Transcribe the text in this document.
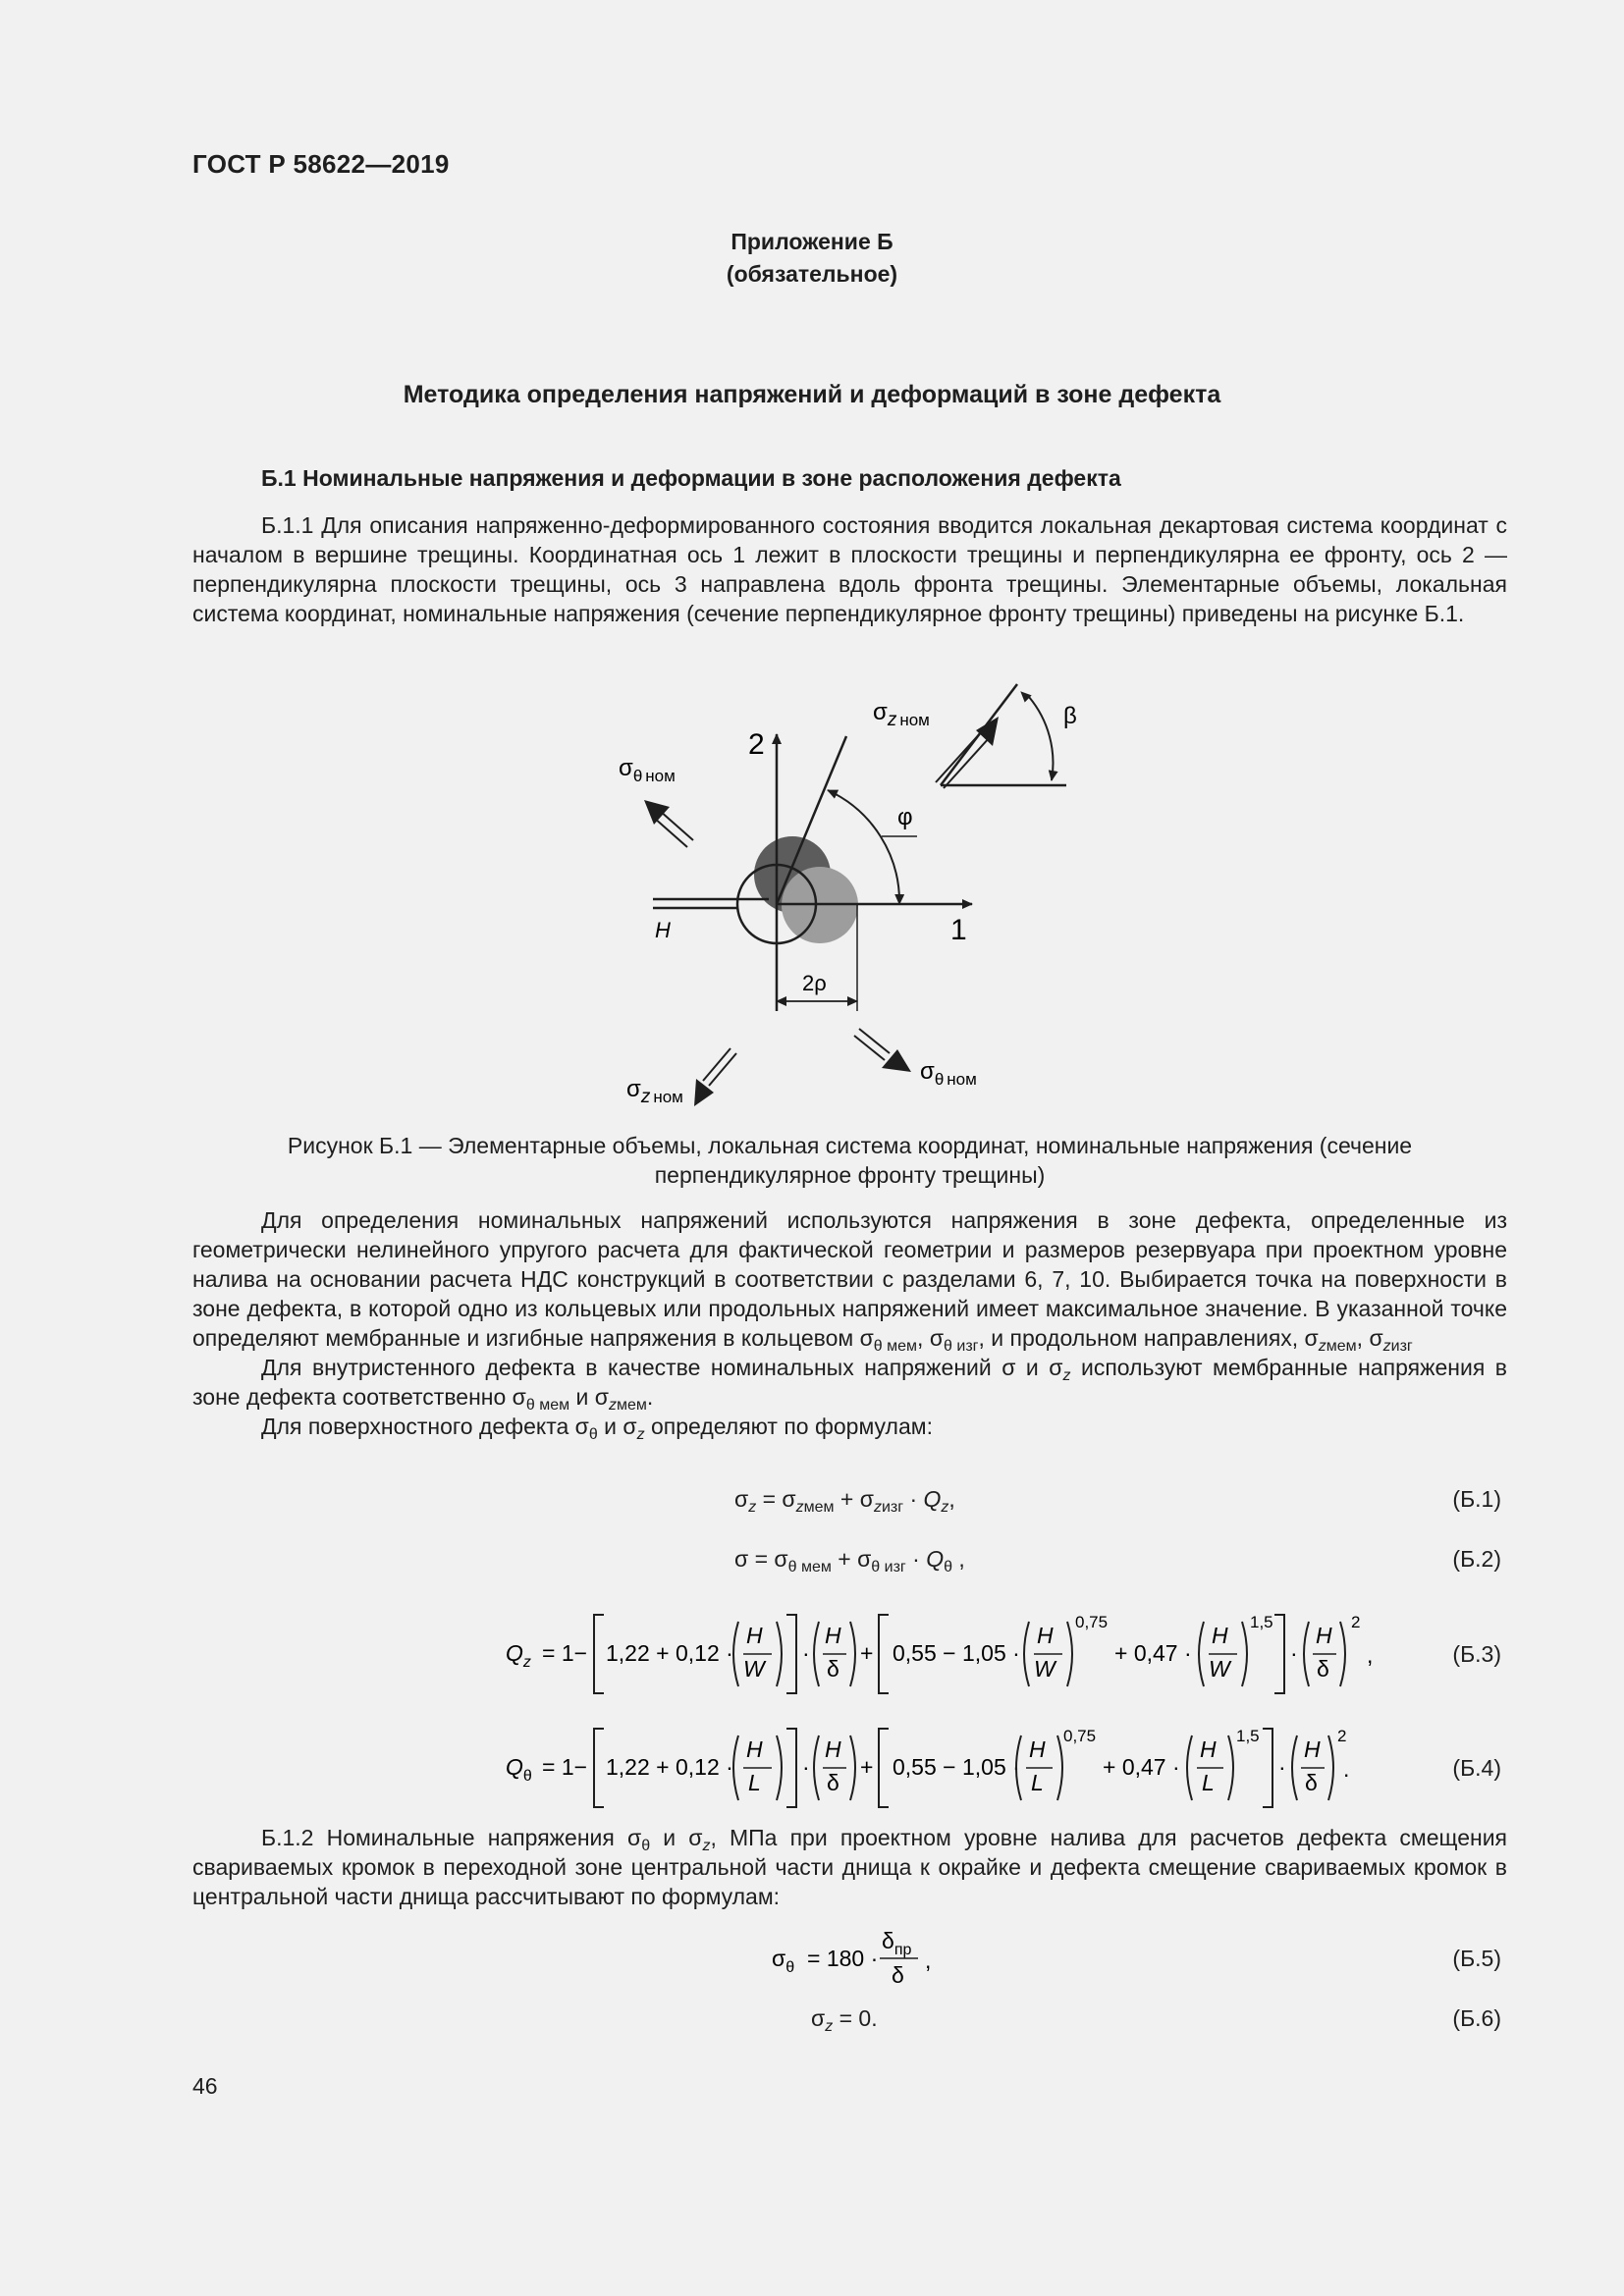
ГОСТ Р 58622—2019
Приложение Б
(обязательное)
Методика определения напряжений и деформаций в зоне дефекта
Б.1 Номинальные напряжения и деформации в зоне расположения дефекта

Б.1.1 Для описания напряженно-деформированного состояния вводится локальная декартовая система координат с началом в вершине трещины. Координатная ось 1 лежит в плоскости трещины и перпендикулярна ее фронту, ось 2 — перпендикулярна плоскости трещины, ось 3 направлена вдоль фронта трещины. Элементарные объемы, локальная система координат, номинальные напряжения (сечение перпендикулярное фронту трещины) приведены на рисунке Б.1.

2
1
H
2ρ
φ
β
$\sigma_z$ ном
$\sigma_\theta$ ном
$\sigma_z$ ном
$\sigma_\theta$ ном
Рисунок Б.1 — Элементарные объемы, локальная система координат, номинальные напряжения (сечение перпендикулярное фронту трещины)

Для определения номинальных напряжений используются напряжения в зоне дефекта, определенные из геометрически нелинейного упругого расчета для фактической геометрии и размеров резервуара при проектном уровне налива на основании расчета НДС конструкций в соответствии с разделами 6, 7, 10. Выбирается точка на поверхности в зоне дефекта, в которой одно из кольцевых или продольных напряжений имеет максимальное значение. В указанной точке определяют мембранные и изгибные напряжения в кольцевом $\sigma_{\theta мем}$, $\sigma_{\theta изг}$, и продольном направлениях, $\sigma_{zмем}$, $\sigma_{zизг}$

Для внутристенного дефекта в качестве номинальных напряжений σ и $\sigma_z$ используют мембранные напряжения в зоне дефекта соответственно $\sigma_{\theta мем}$ и $\sigma_{zмем}$.

Для поверхностного дефекта $\sigma_\theta$ и $\sigma_z$ определяют по формулам:

$\sigma_z = \sigma_{zмем} + \sigma_{zизг} \cdot Q_z$,	(Б.1)
$\sigma = \sigma_{\theta мем} + \sigma_{\theta изг} \cdot Q_\theta$ ,	(Б.2)
$Q_z = 1- 1,22 + 0,12$ ·
H
W
·
H
δ
+ 0,55 − 1,05 ·
H
W
0,75
+ 0,47 ·
H
W
1,5
·
H
δ
2
,	(Б.3)
$Q_\theta = 1- 1,22 + 0,12$ ·
H
L
·
H
δ
+ 0,55 − 1,05 ·
H
L
0,75
+ 0,47 ·
H
L
1,5
·
H
δ
2
.	(Б.4)

Б.1.2 Номинальные напряжения $\sigma_\theta$ и $\sigma_z$, МПа при проектном уровне налива для расчетов дефекта смещения свариваемых кромок в переходной зоне центральной части днища к окрайке и дефекта смещение свариваемых кромок в центральной части днища рассчитывают по формулам:

$\sigma_\theta = 180$ ·
$\delta_{пр}$
δ
,	(Б.5)
$\sigma_z = 0$.	(Б.6)
46
